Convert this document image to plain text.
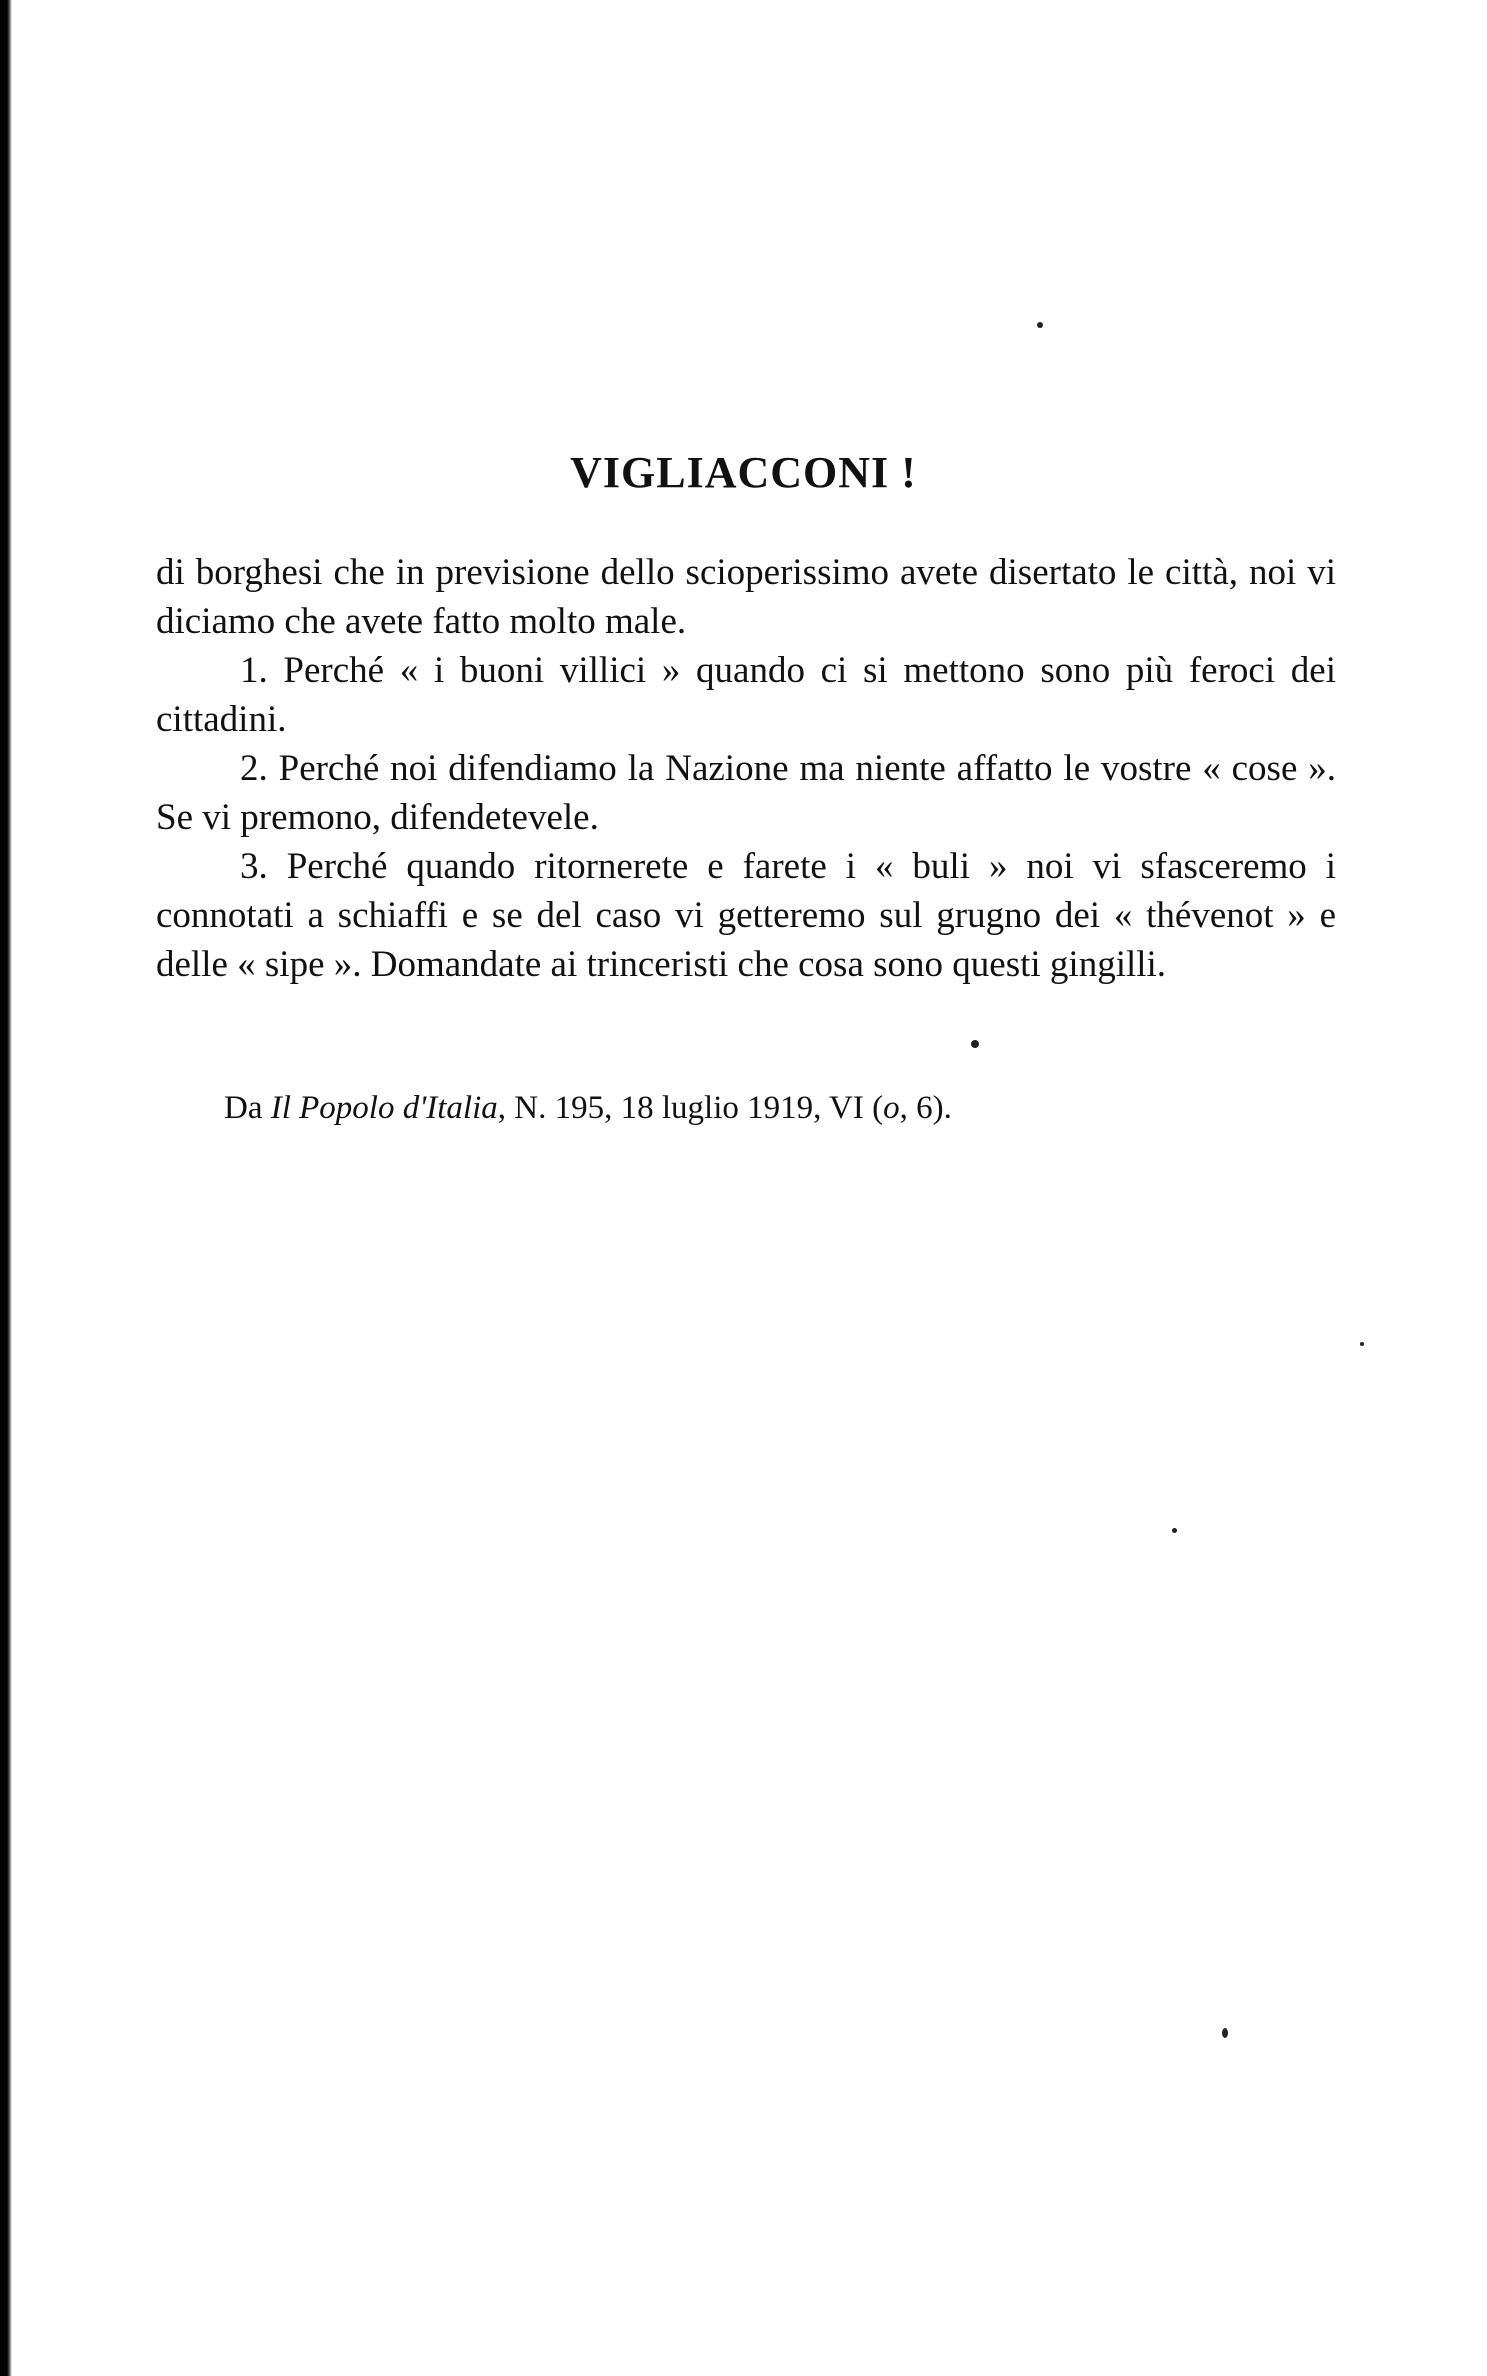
VIGLIACCONI !

di borghesi che in previsione dello scioperissimo avete disertato le città, noi vi diciamo che avete fatto molto male.

1. Perché « i buoni villici » quando ci si mettono sono più feroci dei cittadini.

2. Perché noi difendiamo la Nazione ma niente affatto le vostre « cose ». Se vi premono, difendetevele.

3. Perché quando ritornerete e farete i « buli » noi vi sfasceremo i connotati a schiaffi e se del caso vi getteremo sul grugno dei « thévenot » e delle « sipe ». Domandate ai trinceristi che cosa sono questi gingilli.

Da Il Popolo d'Italia, N. 195, 18 luglio 1919, VI (o, 6).
